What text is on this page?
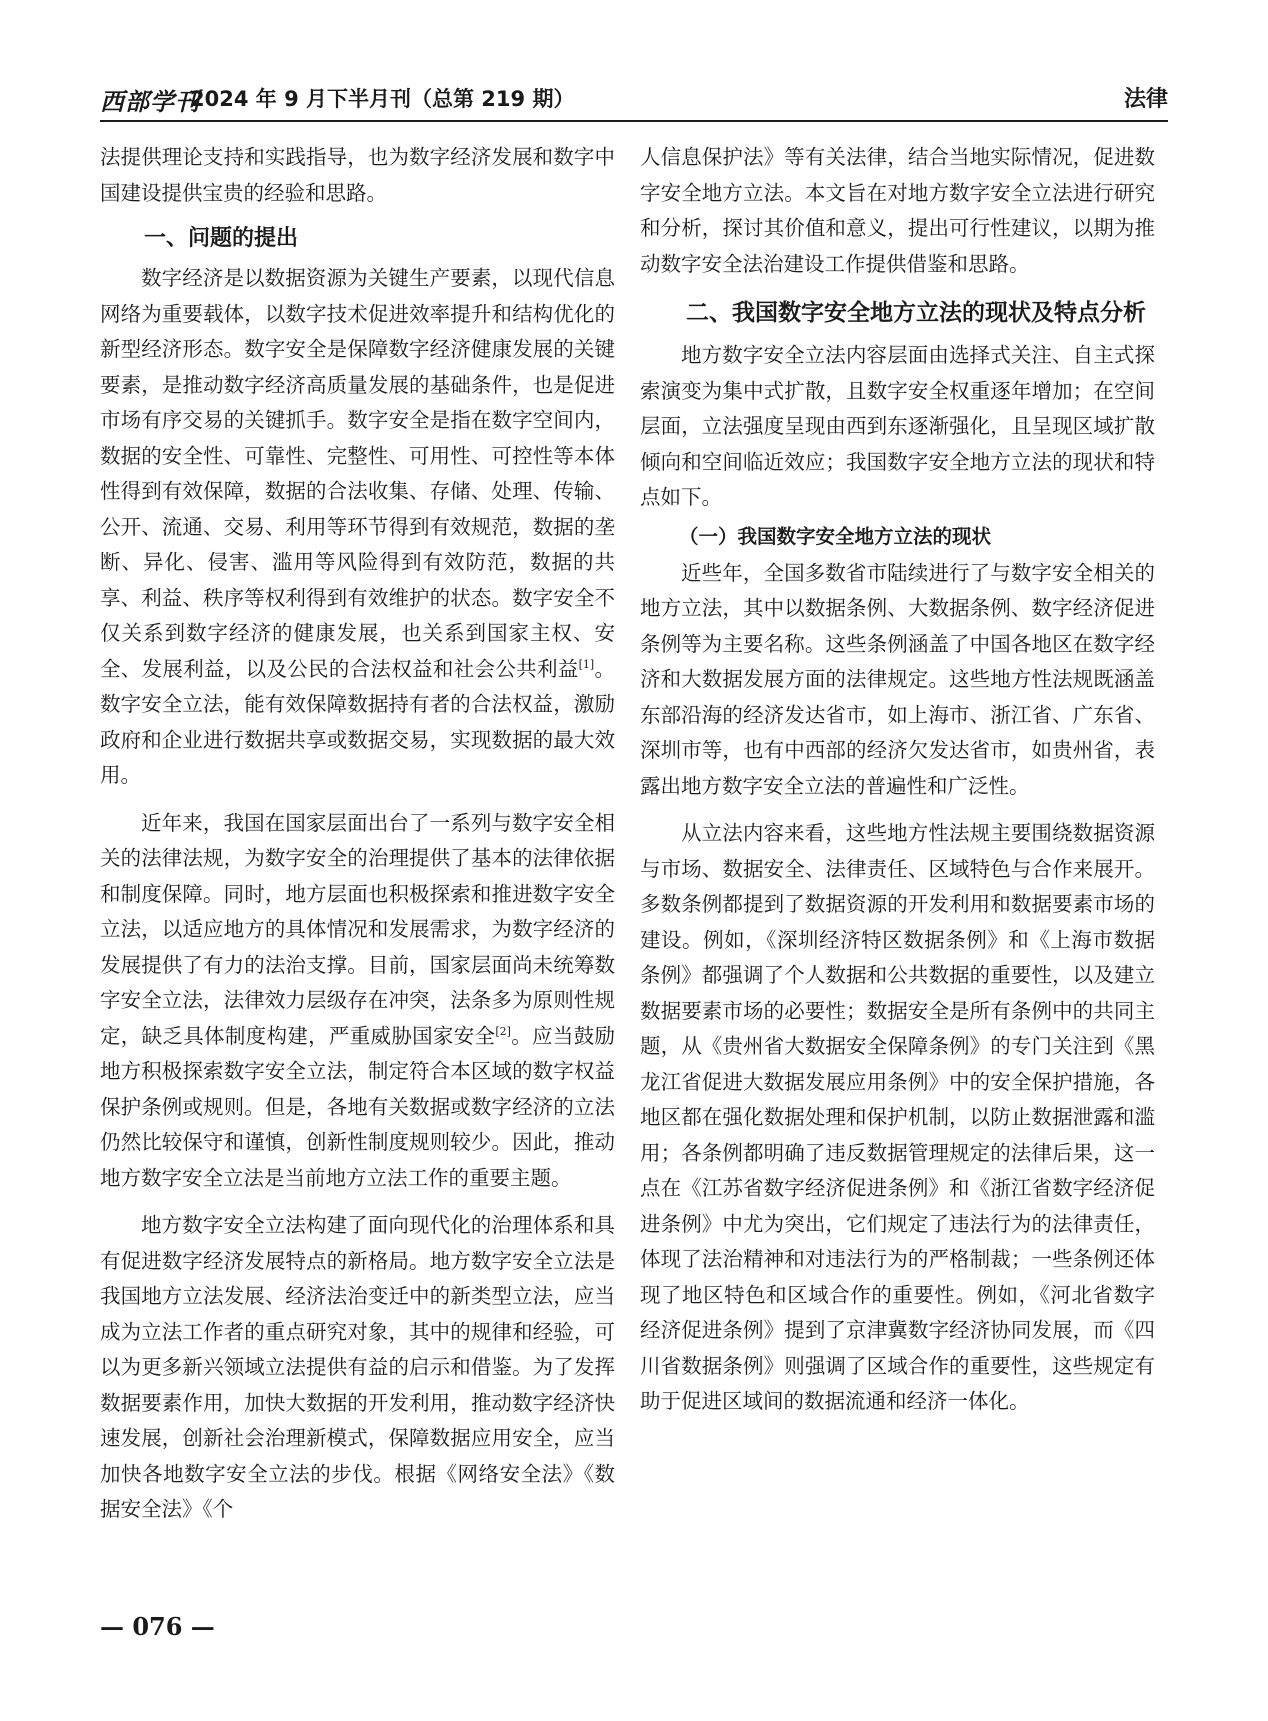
西部学刊
2024 年 9 月下半月刊（总第 219 期）	法律

法提供理论支持和实践指导，也为数字经济发展和数字中国建设提供宝贵的经验和思路。

一、问题的提出

数字经济是以数据资源为关键生产要素，以现代信息网络为重要载体，以数字技术促进效率提升和结构优化的新型经济形态。数字安全是保障数字经济健康发展的关键要素，是推动数字经济高质量发展的基础条件，也是促进市场有序交易的关键抓手。数字安全是指在数字空间内，数据的安全性、可靠性、完整性、可用性、可控性等本体性得到有效保障，数据的合法收集、存储、处理、传输、公开、流通、交易、利用等环节得到有效规范，数据的垄断、异化、侵害、滥用等风险得到有效防范，数据的共享、利益、秩序等权利得到有效维护的状态。数字安全不仅关系到数字经济的健康发展，也关系到国家主权、安全、发展利益，以及公民的合法权益和社会公共利益[1]。数字安全立法，能有效保障数据持有者的合法权益，激励政府和企业进行数据共享或数据交易，实现数据的最大效用。

近年来，我国在国家层面出台了一系列与数字安全相关的法律法规，为数字安全的治理提供了基本的法律依据和制度保障。同时，地方层面也积极探索和推进数字安全立法，以适应地方的具体情况和发展需求，为数字经济的发展提供了有力的法治支撑。目前，国家层面尚未统筹数字安全立法，法律效力层级存在冲突，法条多为原则性规定，缺乏具体制度构建，严重威胁国家安全[2]。应当鼓励地方积极探索数字安全立法，制定符合本区域的数字权益保护条例或规则。但是，各地有关数据或数字经济的立法仍然比较保守和谨慎，创新性制度规则较少。因此，推动地方数字安全立法是当前地方立法工作的重要主题。

地方数字安全立法构建了面向现代化的治理体系和具有促进数字经济发展特点的新格局。地方数字安全立法是我国地方立法发展、经济法治变迁中的新类型立法，应当成为立法工作者的重点研究对象，其中的规律和经验，可以为更多新兴领域立法提供有益的启示和借鉴。为了发挥数据要素作用，加快大数据的开发利用，推动数字经济快速发展，创新社会治理新模式，保障数据应用安全，应当加快各地数字安全立法的步伐。根据《网络安全法》《数据安全法》《个

人信息保护法》等有关法律，结合当地实际情况，促进数字安全地方立法。本文旨在对地方数字安全立法进行研究和分析，探讨其价值和意义，提出可行性建议，以期为推动数字安全法治建设工作提供借鉴和思路。

二、我国数字安全地方立法的现状及特点分析

地方数字安全立法内容层面由选择式关注、自主式探索演变为集中式扩散，且数字安全权重逐年增加；在空间层面，立法强度呈现由西到东逐渐强化，且呈现区域扩散倾向和空间临近效应；我国数字安全地方立法的现状和特点如下。

（一）我国数字安全地方立法的现状

近些年，全国多数省市陆续进行了与数字安全相关的地方立法，其中以数据条例、大数据条例、数字经济促进条例等为主要名称。这些条例涵盖了中国各地区在数字经济和大数据发展方面的法律规定。这些地方性法规既涵盖东部沿海的经济发达省市，如上海市、浙江省、广东省、深圳市等，也有中西部的经济欠发达省市，如贵州省，表露出地方数字安全立法的普遍性和广泛性。

从立法内容来看，这些地方性法规主要围绕数据资源与市场、数据安全、法律责任、区域特色与合作来展开。多数条例都提到了数据资源的开发利用和数据要素市场的建设。例如，《深圳经济特区数据条例》和《上海市数据条例》都强调了个人数据和公共数据的重要性，以及建立数据要素市场的必要性；数据安全是所有条例中的共同主题，从《贵州省大数据安全保障条例》的专门关注到《黑龙江省促进大数据发展应用条例》中的安全保护措施，各地区都在强化数据处理和保护机制，以防止数据泄露和滥用；各条例都明确了违反数据管理规定的法律后果，这一点在《江苏省数字经济促进条例》和《浙江省数字经济促进条例》中尤为突出，它们规定了违法行为的法律责任，体现了法治精神和对违法行为的严格制裁；一些条例还体现了地区特色和区域合作的重要性。例如，《河北省数字经济促进条例》提到了京津冀数字经济协同发展，而《四川省数据条例》则强调了区域合作的重要性，这些规定有助于促进区域间的数据流通和经济一体化。

— 076 —
